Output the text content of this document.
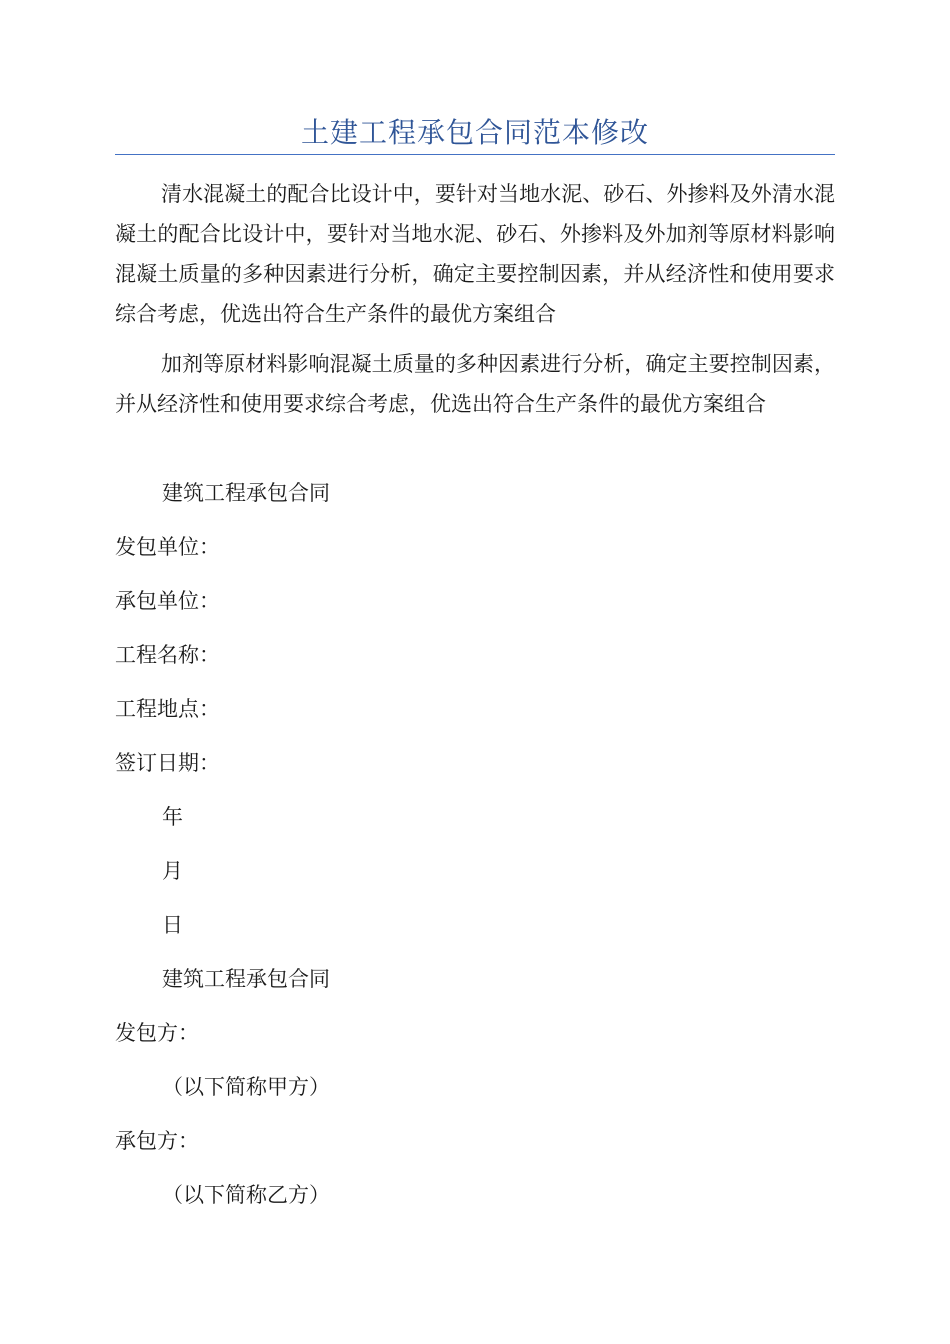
土建工程承包合同范本修改

清水混凝土的配合比设计中，要针对当地水泥、砂石、外掺料及外清水混凝土的配合比设计中，要针对当地水泥、砂石、外掺料及外加剂等原材料影响混凝土质量的多种因素进行分析，确定主要控制因素，并从经济性和使用要求综合考虑，优选出符合生产条件的最优方案组合

加剂等原材料影响混凝土质量的多种因素进行分析，确定主要控制因素，并从经济性和使用要求综合考虑，优选出符合生产条件的最优方案组合

建筑工程承包合同

发包单位：

承包单位：

工程名称：

工程地点：

签订日期：

年

月

日

建筑工程承包合同

发包方：

（以下简称甲方）

承包方：

（以下简称乙方）
